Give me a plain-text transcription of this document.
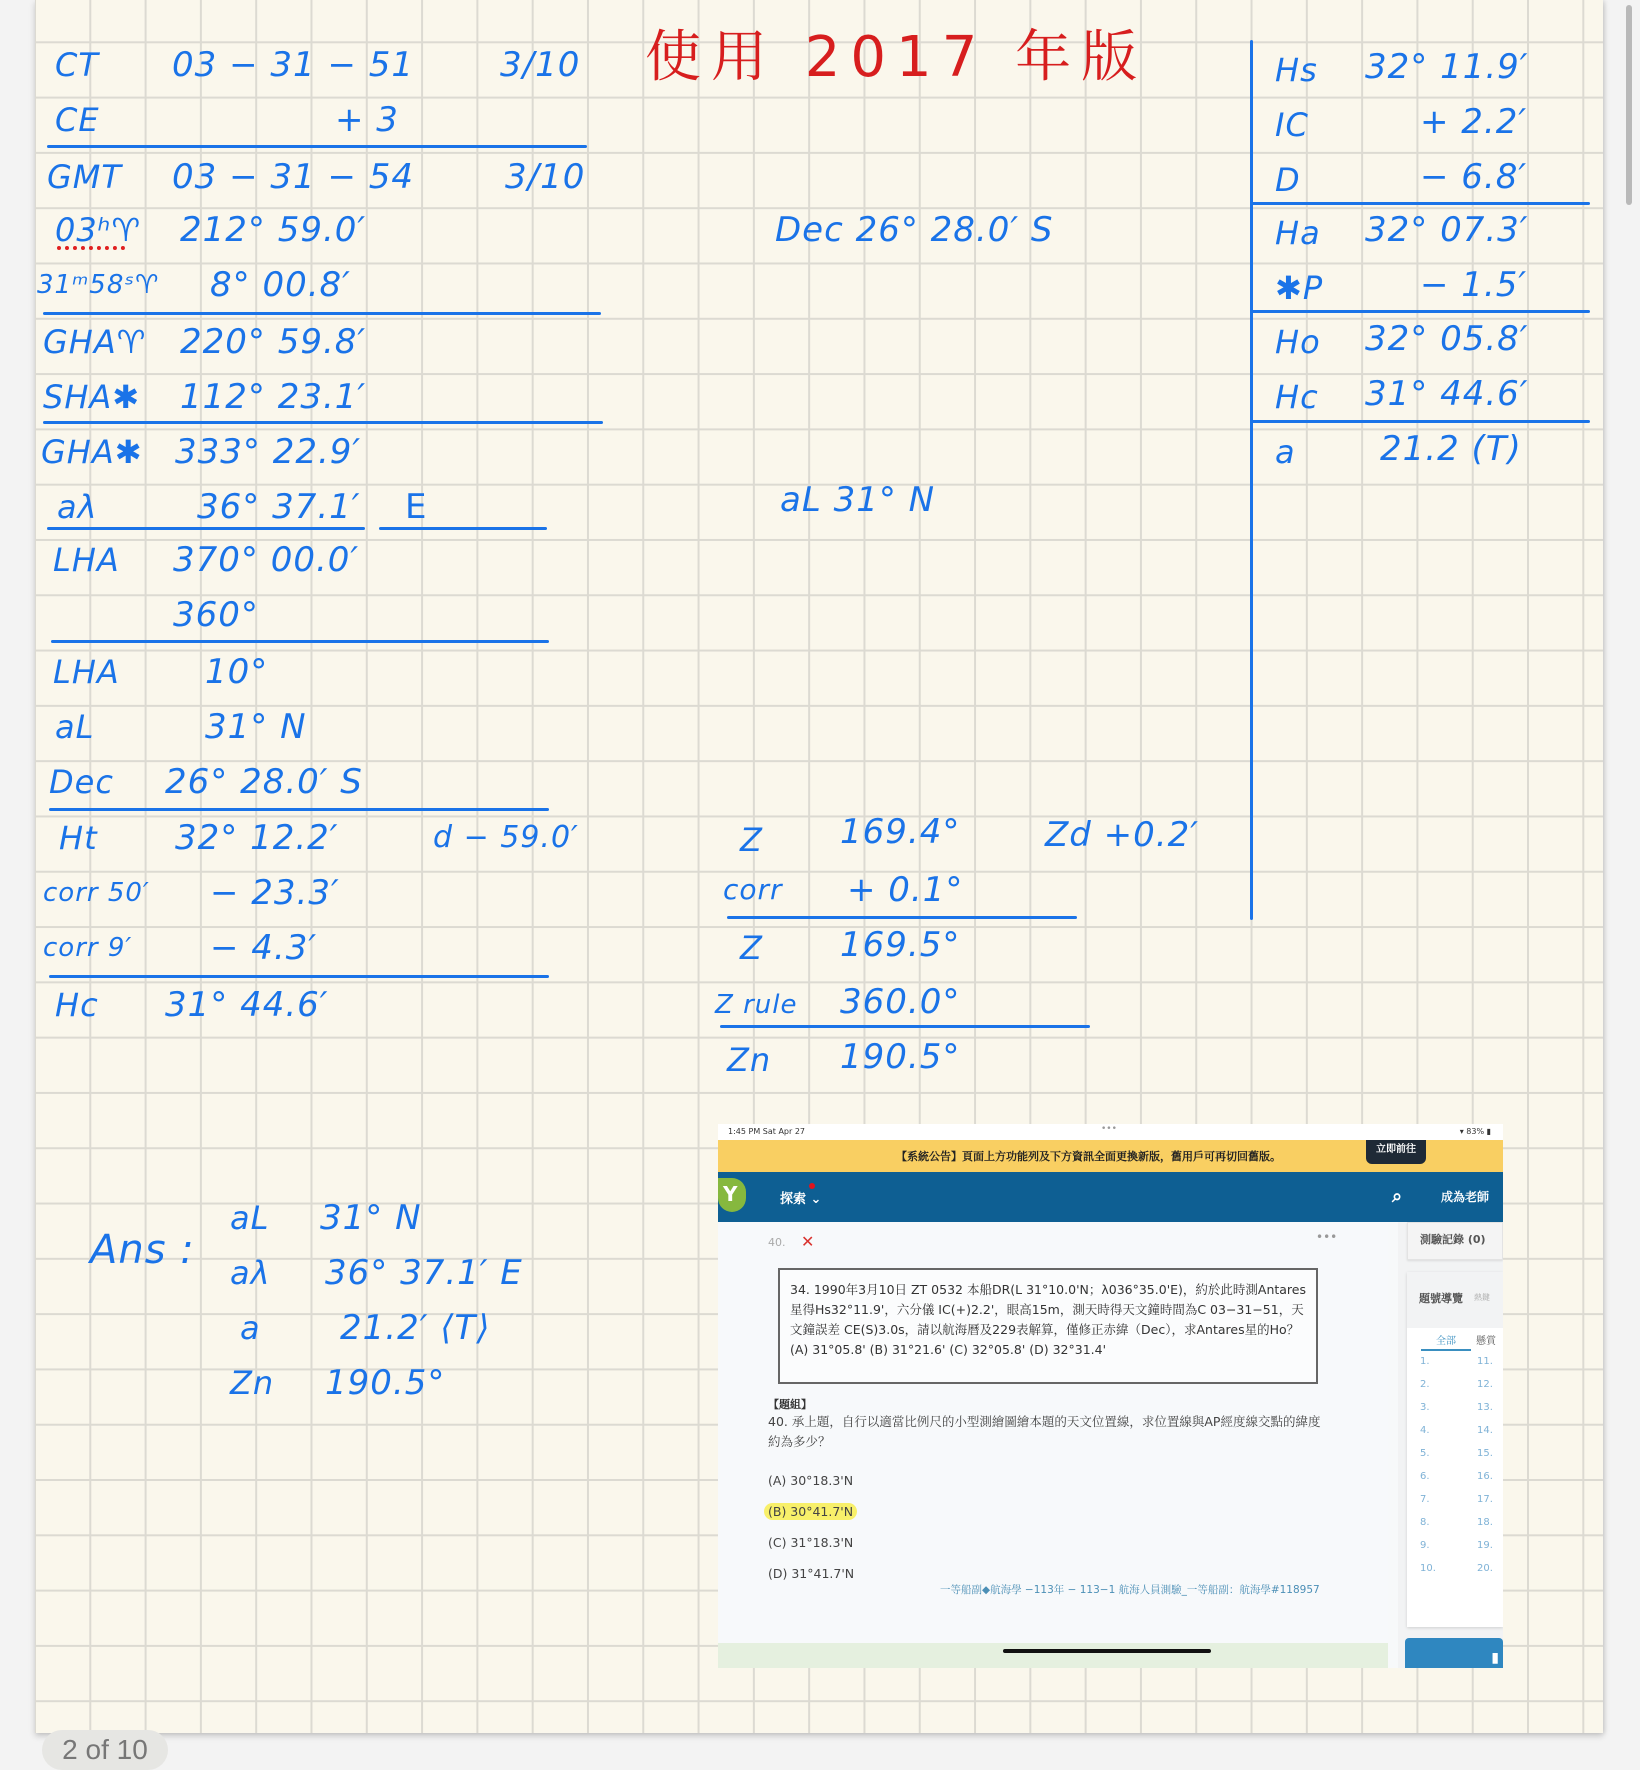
使用 2017 年版
CT 03 − 31 − 51	3/10
CE	+ 3
GMT 03 − 31 − 54	3/10
03ʰ♈ 212° 59.0′
31ᵐ58ˢ♈ 8° 00.8′
GHA♈ 220° 59.8′
SHA✱ 112° 23.1′
GHA✱ 333° 22.9′
aλ	36° 37.1′ E
LHA 370° 00.0′
360°
LHA	10°
aL	31° N
Dec 26° 28.0′ S
Ht 32° 12.2′	d − 59.0′
corr 50′ − 23.3′
corr 9′ − 4.3′
Hc 31° 44.6′
Dec 26° 28.0′ S
aL 31° N
Z 169.4° Zd +0.2′
corr + 0.1°
Z 169.5°
Z rule 360.0°
Zn 190.5°
Hs 32° 11.9′
IC	+ 2.2′
D	− 6.8′
Ha 32° 07.3′
✱P	− 1.5′
Ho 32° 05.8′
Hc 31° 44.6′
a 21.2 (T)
Ans :
aL 31° N
aλ 36° 37.1′ E
a 21.2′ ⟨T⟩
Zn 190.5°
2 of 10
1:45 PM Sat Apr 27	•••	▾ 83% ▮
【系統公告】頁面上方功能列及下方資訊全面更換新版，舊用戶可再切回舊版。
立即前往
Y	探索 ⌄	⌕	成為老師
40. ✕	•••
34. 1990年3月10日 ZT 0532 本船DR(L 31°10.0'N；λ036°35.0'E)，約於此時測Antares星得Hs32°11.9'，六分儀 IC(+)2.2'，眼高15m，測天時得天文鐘時間為C 03−31−51，天文鐘誤差 CE(S)3.0s，請以航海曆及229表解算，僅修正赤緯（Dec），求Antares星的Ho？ (A) 31°05.8' (B) 31°21.6' (C) 32°05.8' (D) 32°31.4'
【題組】
40. 承上題，自行以適當比例尺的小型測繪圖繪本題的天文位置線，求位置線與AP經度線交點的緯度約為多少？
(A) 30°18.3'N
(B) 30°41.7'N
(C) 31°18.3'N
(D) 31°41.7'N
一等船副◆航海學 −113年 − 113−1 航海人員測驗_一等船副：航海學#118957
測驗記錄 (0)
題號導覽 熱鍵
全部	懸賞
1.
2.
3.
4.
5.
6.
7.
8.
9.
10.
11.
12.
13.
14.
15.
16.
17.
18.
19.
20.
▮
